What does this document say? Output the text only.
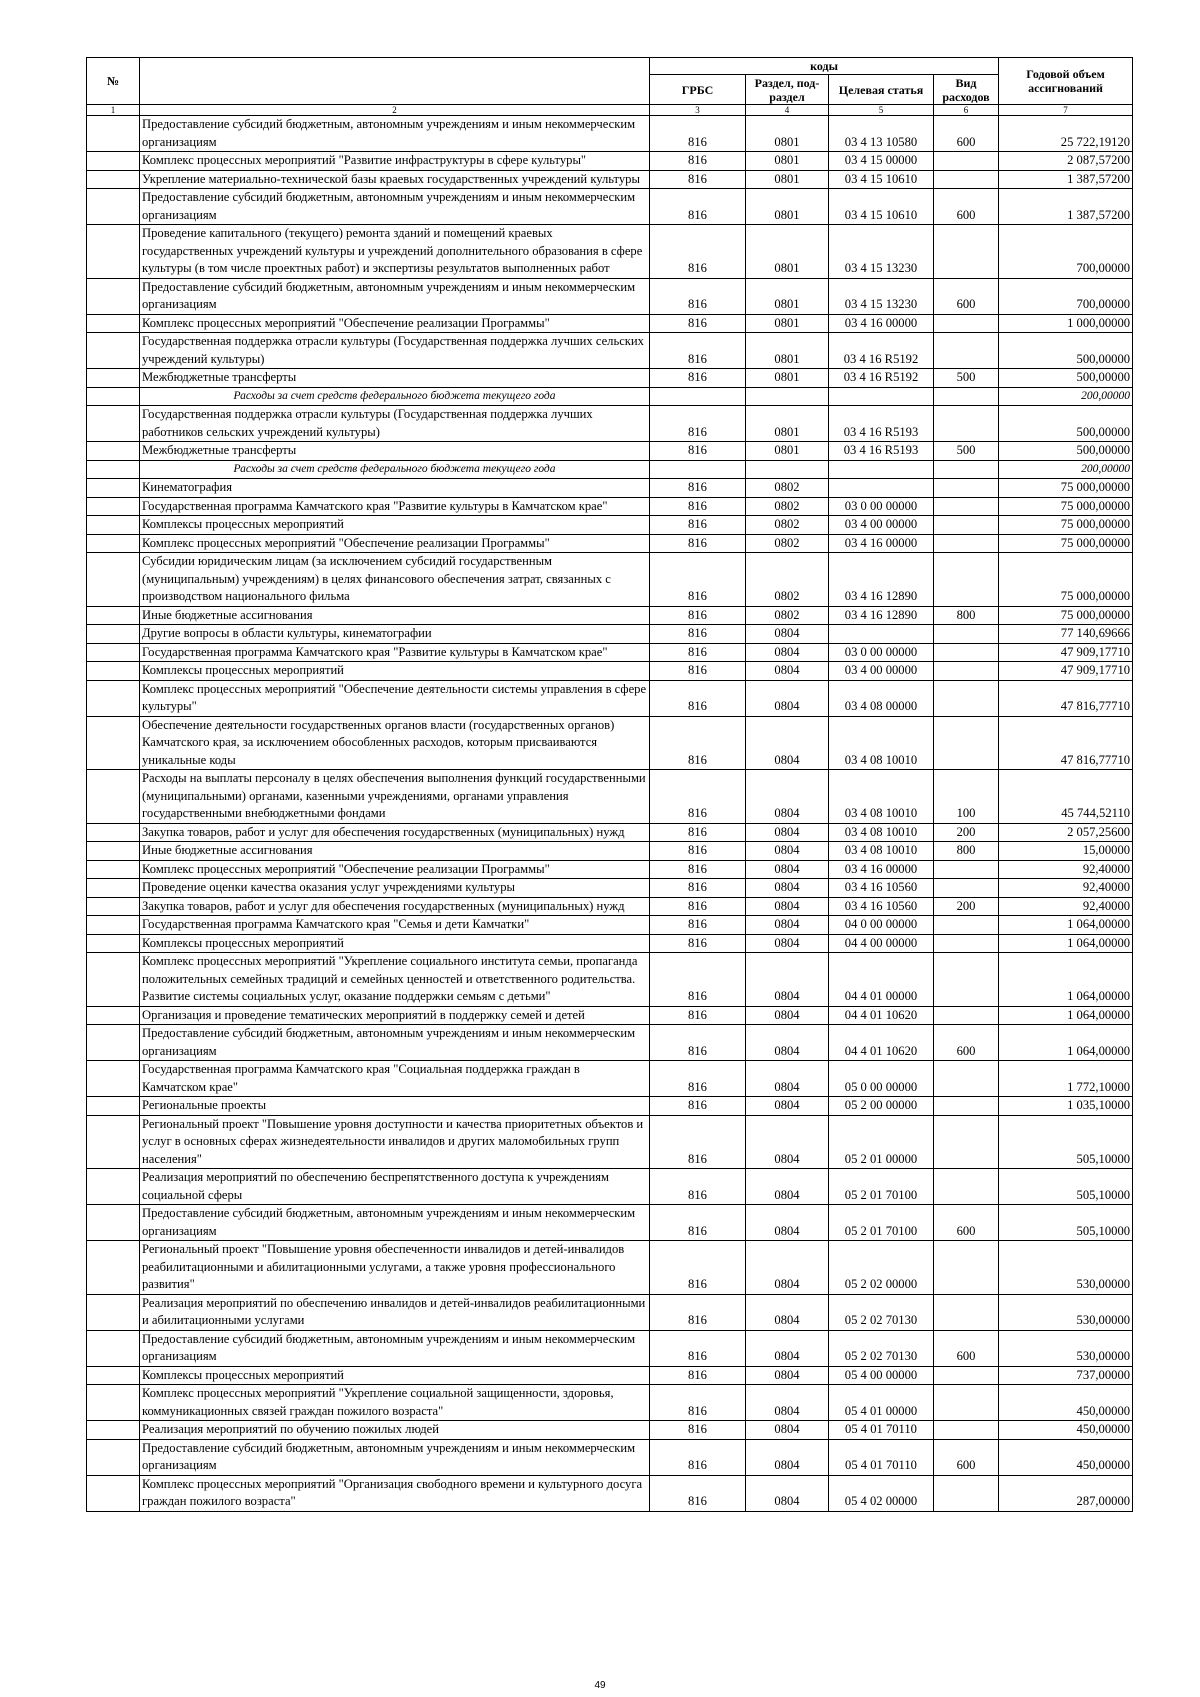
№		коды				Годовой объем ассигнований
		ГРБС	Раздел, под-раздел	Целевая статья	Вид расходов	
1	2	3	4	5	6	7
	Предоставление субсидий бюджетным, автономным учреждениям и иным некоммерческим организациям	816	0801	03 4 13 10580	600	25 722,19120
	Комплекс процессных мероприятий "Развитие инфраструктуры в сфере культуры"	816	0801	03 4 15 00000		2 087,57200
	Укрепление материально-технической базы краевых государственных учреждений культуры	816	0801	03 4 15 10610		1 387,57200
	Предоставление субсидий бюджетным, автономным учреждениям и иным некоммерческим организациям	816	0801	03 4 15 10610	600	1 387,57200
	Проведение капитального (текущего) ремонта зданий и помещений краевых государственных учреждений культуры и учреждений дополнительного образования в сфере культуры (в том числе проектных работ) и экспертизы результатов выполненных работ	816	0801	03 4 15 13230		700,00000
	Предоставление субсидий бюджетным, автономным учреждениям и иным некоммерческим организациям	816	0801	03 4 15 13230	600	700,00000
	Комплекс процессных мероприятий "Обеспечение реализации Программы"	816	0801	03 4 16 00000		1 000,00000
	Государственная поддержка отрасли культуры (Государственная поддержка лучших сельских учреждений культуры)	816	0801	03 4 16 R5192		500,00000
	Межбюджетные трансферты	816	0801	03 4 16 R5192	500	500,00000
	Расходы за счет средств федерального бюджета текущего года					200,00000
	Государственная поддержка отрасли культуры (Государственная поддержка лучших работников сельских учреждений культуры)	816	0801	03 4 16 R5193		500,00000
	Межбюджетные трансферты	816	0801	03 4 16 R5193	500	500,00000
	Расходы за счет средств федерального бюджета текущего года					200,00000
	Кинематография	816	0802			75 000,00000
	Государственная программа Камчатского края "Развитие культуры в Камчатском крае"	816	0802	03 0 00 00000		75 000,00000
	Комплексы процессных мероприятий	816	0802	03 4 00 00000		75 000,00000
	Комплекс процессных мероприятий "Обеспечение реализации Программы"	816	0802	03 4 16 00000		75 000,00000
	Субсидии юридическим лицам (за исключением субсидий государственным (муниципальным) учреждениям) в целях финансового обеспечения затрат, связанных с производством национального фильма	816	0802	03 4 16 12890		75 000,00000
	Иные бюджетные ассигнования	816	0802	03 4 16 12890	800	75 000,00000
	Другие вопросы в области культуры, кинематографии	816	0804			77 140,69666
	Государственная программа Камчатского края "Развитие культуры в Камчатском крае"	816	0804	03 0 00 00000		47 909,17710
	Комплексы процессных мероприятий	816	0804	03 4 00 00000		47 909,17710
	Комплекс процессных мероприятий "Обеспечение деятельности системы управления в сфере культуры"	816	0804	03 4 08 00000		47 816,77710
	Обеспечение деятельности государственных органов власти (государственных органов) Камчатского края, за исключением обособленных расходов, которым присваиваются уникальные коды	816	0804	03 4 08 10010		47 816,77710
	Расходы на выплаты персоналу в целях обеспечения выполнения функций государственными (муниципальными) органами, казенными учреждениями, органами управления государственными внебюджетными фондами	816	0804	03 4 08 10010	100	45 744,52110
	Закупка товаров, работ и услуг для обеспечения государственных (муниципальных) нужд	816	0804	03 4 08 10010	200	2 057,25600
	Иные бюджетные ассигнования	816	0804	03 4 08 10010	800	15,00000
	Комплекс процессных мероприятий "Обеспечение реализации Программы"	816	0804	03 4 16 00000		92,40000
	Проведение оценки качества оказания услуг учреждениями культуры	816	0804	03 4 16 10560		92,40000
	Закупка товаров, работ и услуг для обеспечения государственных (муниципальных) нужд	816	0804	03 4 16 10560	200	92,40000
	Государственная программа Камчатского края "Семья и дети Камчатки"	816	0804	04 0 00 00000		1 064,00000
	Комплексы процессных мероприятий	816	0804	04 4 00 00000		1 064,00000
	Комплекс процессных мероприятий "Укрепление социального института семьи, пропаганда положительных семейных традиций и семейных ценностей и ответственного родительства. Развитие системы социальных услуг, оказание поддержки семьям с детьми"	816	0804	04 4 01 00000		1 064,00000
	Организация и проведение тематических мероприятий в поддержку семей и детей	816	0804	04 4 01 10620		1 064,00000
	Предоставление субсидий бюджетным, автономным учреждениям и иным некоммерческим организациям	816	0804	04 4 01 10620	600	1 064,00000
	Государственная программа Камчатского края "Социальная поддержка граждан в Камчатском крае"	816	0804	05 0 00 00000		1 772,10000
	Региональные проекты	816	0804	05 2 00 00000		1 035,10000
	Региональный проект "Повышение уровня доступности и качества приоритетных объектов и услуг в основных сферах жизнедеятельности инвалидов и других маломобильных групп населения"	816	0804	05 2 01 00000		505,10000
	Реализация мероприятий по обеспечению беспрепятственного доступа к учреждениям социальной сферы	816	0804	05 2 01 70100		505,10000
	Предоставление субсидий бюджетным, автономным учреждениям и иным некоммерческим организациям	816	0804	05 2 01 70100	600	505,10000
	Региональный проект "Повышение уровня обеспеченности инвалидов и детей-инвалидов реабилитационными и абилитационными услугами, а также уровня профессионального развития"	816	0804	05 2 02 00000		530,00000
	Реализация мероприятий по обеспечению инвалидов и детей-инвалидов реабилитационными и абилитационными услугами	816	0804	05 2 02 70130		530,00000
	Предоставление субсидий бюджетным, автономным учреждениям и иным некоммерческим организациям	816	0804	05 2 02 70130	600	530,00000
	Комплексы процессных мероприятий	816	0804	05 4 00 00000		737,00000
	Комплекс процессных мероприятий "Укрепление социальной защищенности, здоровья, коммуникационных связей граждан пожилого возраста"	816	0804	05 4 01 00000		450,00000
	Реализация мероприятий по обучению пожилых людей	816	0804	05 4 01 70110		450,00000
	Предоставление субсидий бюджетным, автономным учреждениям и иным некоммерческим организациям	816	0804	05 4 01 70110	600	450,00000
	Комплекс процессных мероприятий "Организация свободного времени и культурного досуга граждан пожилого возраста"	816	0804	05 4 02 00000		287,00000
49
